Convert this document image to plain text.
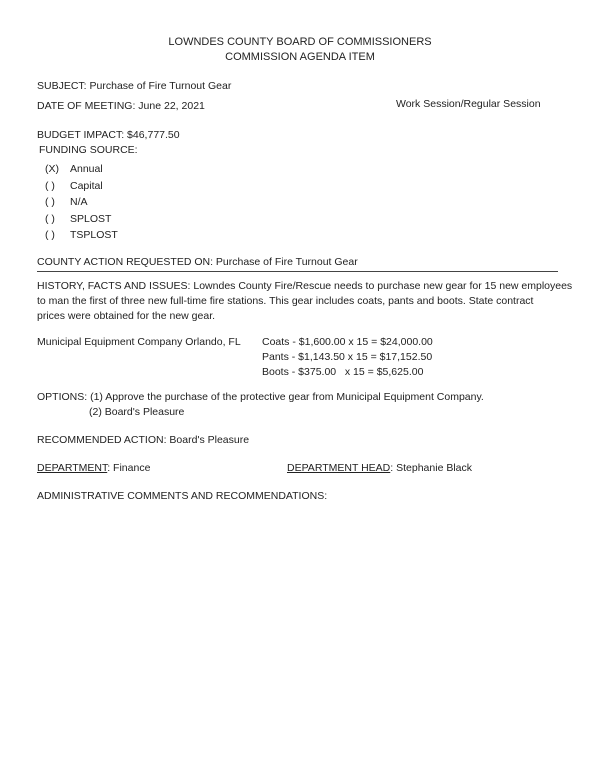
LOWNDES COUNTY BOARD OF COMMISSIONERS
COMMISSION AGENDA ITEM
SUBJECT: Purchase of Fire Turnout Gear
DATE OF MEETING: June 22, 2021	Work Session/Regular Session
BUDGET IMPACT: $46,777.50
FUNDING SOURCE:
(X) Annual
( ) Capital
( ) N/A
( ) SPLOST
( ) TSPLOST
COUNTY ACTION REQUESTED ON: Purchase of Fire Turnout Gear
HISTORY, FACTS AND ISSUES: Lowndes County Fire/Rescue needs to purchase new gear for 15 new employees
to man the first of three new full-time fire stations. This gear includes coats, pants and boots. State contract
prices were obtained for the new gear.
Municipal Equipment Company Orlando, FL Coats - $1,600.00 x 15 = $24,000.00
Pants - $1,143.50 x 15 = $17,152.50
Boots - $375.00   x 15 = $5,625.00
OPTIONS: (1) Approve the purchase of the protective gear from Municipal Equipment Company.
(2) Board's Pleasure
RECOMMENDED ACTION: Board's Pleasure
DEPARTMENT: Finance	DEPARTMENT HEAD: Stephanie Black
ADMINISTRATIVE COMMENTS AND RECOMMENDATIONS:
